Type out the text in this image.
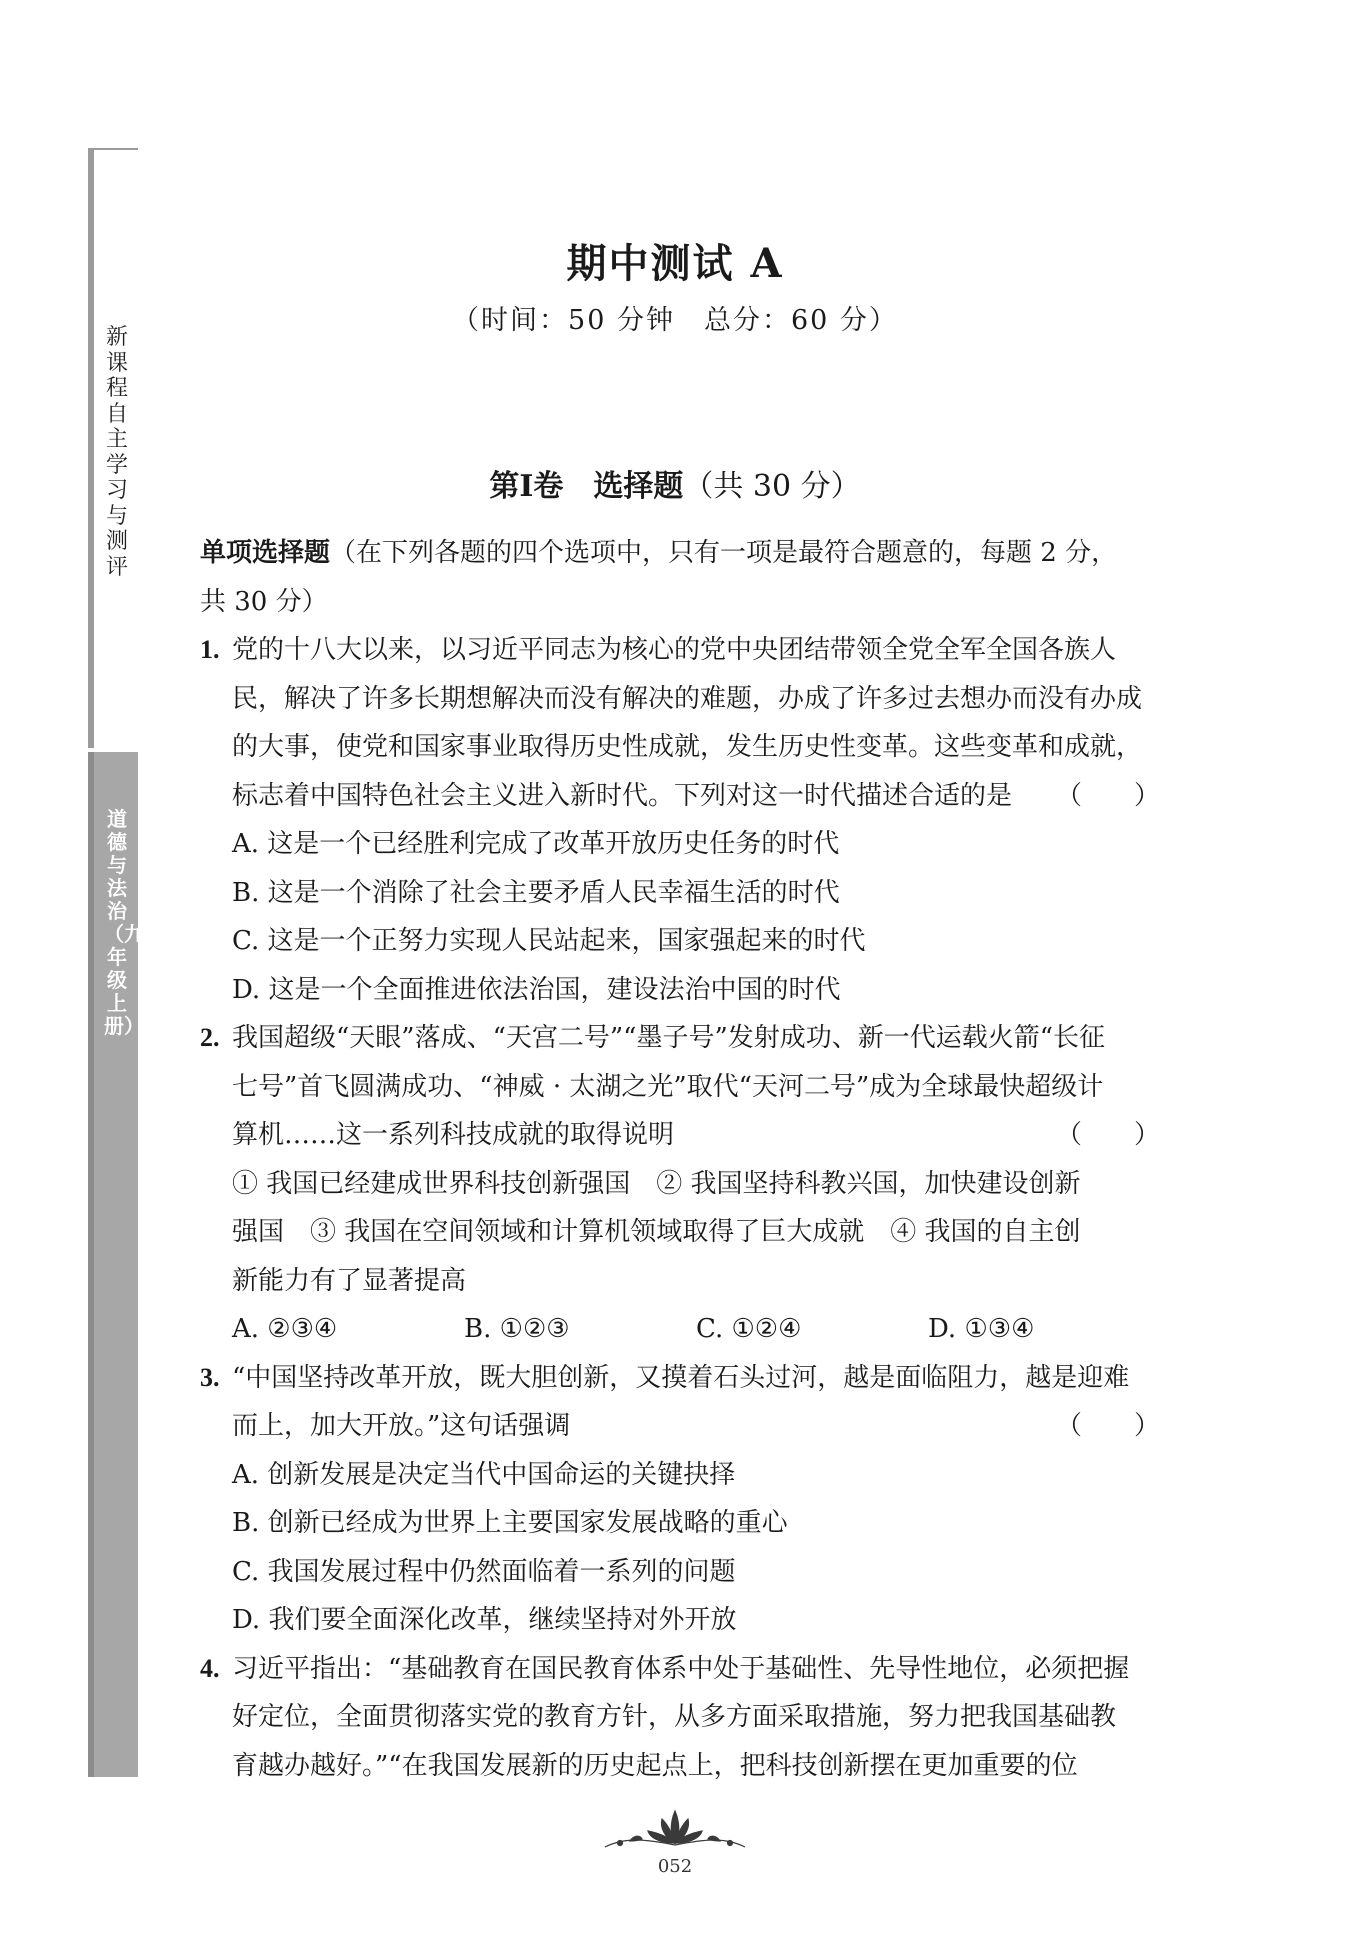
新课程自主学习与测评
道德与法治（九年级上册）
期中测试 A
（时间：50 分钟　总分：60 分）
第Ⅰ卷　选择题（共 30 分）
单项选择题（在下列各题的四个选项中，只有一项是最符合题意的，每题 2 分，
共 30 分）
1. 党的十八大以来，以习近平同志为核心的党中央团结带领全党全军全国各族人
民，解决了许多长期想解决而没有解决的难题，办成了许多过去想办而没有办成
的大事，使党和国家事业取得历史性成就，发生历史性变革。这些变革和成就，
标志着中国特色社会主义进入新时代。下列对这一时代描述合适的是 （　　）
A. 这是一个已经胜利完成了改革开放历史任务的时代
B. 这是一个消除了社会主要矛盾人民幸福生活的时代
C. 这是一个正努力实现人民站起来，国家强起来的时代
D. 这是一个全面推进依法治国，建设法治中国的时代
2. 我国超级“天眼”落成、“天宫二号”“墨子号”发射成功、新一代运载火箭“长征
七号”首飞圆满成功、“神威 · 太湖之光”取代“天河二号”成为全球最快超级计
算机……这一系列科技成就的取得说明	（　　）
① 我国已经建成世界科技创新强国　② 我国坚持科教兴国，加快建设创新
强国　③ 我国在空间领域和计算机领域取得了巨大成就　④ 我国的自主创
新能力有了显著提高
A. ②③④	B. ①②③	C. ①②④	D. ①③④
3. “中国坚持改革开放，既大胆创新，又摸着石头过河，越是面临阻力，越是迎难
而上，加大开放。”这句话强调	（　　）
A. 创新发展是决定当代中国命运的关键抉择
B. 创新已经成为世界上主要国家发展战略的重心
C. 我国发展过程中仍然面临着一系列的问题
D. 我们要全面深化改革，继续坚持对外开放
4. 习近平指出：“基础教育在国民教育体系中处于基础性、先导性地位，必须把握
好定位，全面贯彻落实党的教育方针，从多方面采取措施，努力把我国基础教
育越办越好。”“在我国发展新的历史起点上，把科技创新摆在更加重要的位
052
